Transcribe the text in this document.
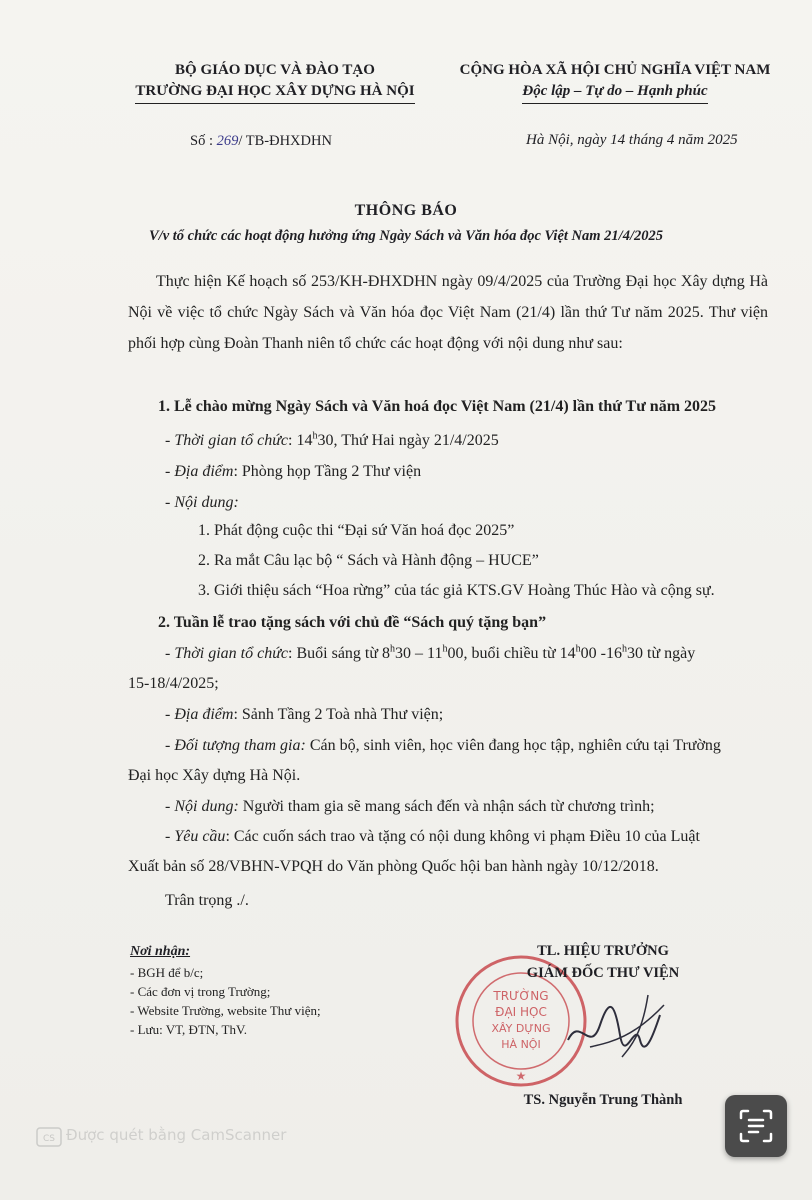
BỘ GIÁO DỤC VÀ ĐÀO TẠO
TRƯỜNG ĐẠI HỌC XÂY DỰNG HÀ NỘI
CỘNG HÒA XÃ HỘI CHỦ NGHĨA VIỆT NAM
Độc lập – Tự do – Hạnh phúc
Số : 269/ TB-ĐHXDHN	Hà Nội, ngày 14 tháng 4 năm 2025
THÔNG BÁO
V/v tổ chức các hoạt động hưởng ứng Ngày Sách và Văn hóa đọc Việt Nam 21/4/2025
Thực hiện Kế hoạch số 253/KH-ĐHXDHN ngày 09/4/2025 của Trường Đại học Xây dựng Hà Nội về việc tổ chức Ngày Sách và Văn hóa đọc Việt Nam (21/4) lần thứ Tư năm 2025. Thư viện phối hợp cùng Đoàn Thanh niên tổ chức các hoạt động với nội dung như sau:
1. Lễ chào mừng Ngày Sách và Văn hoá đọc Việt Nam (21/4) lần thứ Tư năm 2025
- Thời gian tổ chức: 14$^h$30, Thứ Hai ngày 21/4/2025
- Địa điểm: Phòng họp Tầng 2 Thư viện
- Nội dung:
1. Phát động cuộc thi “Đại sứ Văn hoá đọc 2025”
2. Ra mắt Câu lạc bộ “ Sách và Hành động – HUCE”
3. Giới thiệu sách “Hoa rừng” của tác giả KTS.GV Hoàng Thúc Hào và cộng sự.
2. Tuần lễ trao tặng sách với chủ đề “Sách quý tặng bạn”
- Thời gian tổ chức: Buổi sáng từ 8$^h$30 – 11$^h$00, buổi chiều từ 14$^h$00 -16$^h$30 từ ngày
15-18/4/2025;
- Địa điểm: Sảnh Tầng 2 Toà nhà Thư viện;
- Đối tượng tham gia: Cán bộ, sinh viên, học viên đang học tập, nghiên cứu tại Trường
Đại học Xây dựng Hà Nội.
- Nội dung: Người tham gia sẽ mang sách đến và nhận sách từ chương trình;
- Yêu cầu: Các cuốn sách trao và tặng có nội dung không vi phạm Điều 10 của Luật
Xuất bản số 28/VBHN-VPQH do Văn phòng Quốc hội ban hành ngày 10/12/2018.
Trân trọng ./.
Nơi nhận:
- BGH để b/c;
- Các đơn vị trong Trường;
- Website Trường, website Thư viện;
- Lưu: VT, ĐTN, ThV.
TRƯỜNG
ĐẠI HỌC
XÂY DỰNG
HÀ NỘI
★
TL. HIỆU TRƯỞNG
GIÁM ĐỐC THƯ VIỆN
TS. Nguyễn Trung Thành
Được quét bằng CamScanner
CS
